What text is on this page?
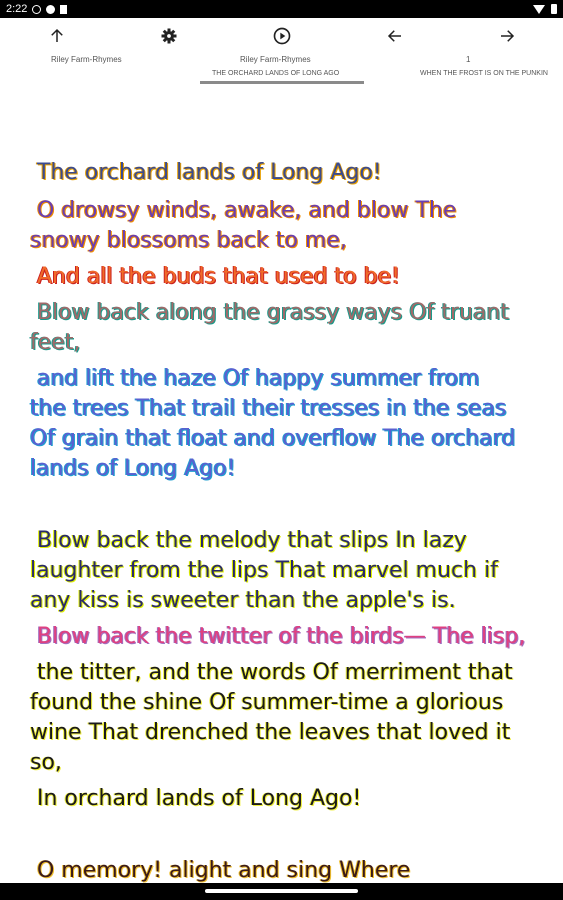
2:22
Riley Farm-Rhymes	Riley Farm-Rhymes
THE ORCHARD LANDS OF LONG AGO
1
WHEN THE FROST IS ON THE PUNKIN

The orchard lands of Long Ago!

O drowsy winds, awake, and blow The

snowy blossoms back to me,

And all the buds that used to be!

Blow back along the grassy ways Of truant

feet,

and lift the haze Of happy summer from

the trees That trail their tresses in the seas

Of grain that float and overflow The orchard

lands of Long Ago!

Blow back the melody that slips In lazy

laughter from the lips That marvel much if

any kiss is sweeter than the apple's is.

Blow back the twitter of the birds— The lisp,

the titter, and the words Of merriment that

found the shine Of summer-time a glorious

wine That drenched the leaves that loved it

so,

In orchard lands of Long Ago!

O memory! alight and sing Where
